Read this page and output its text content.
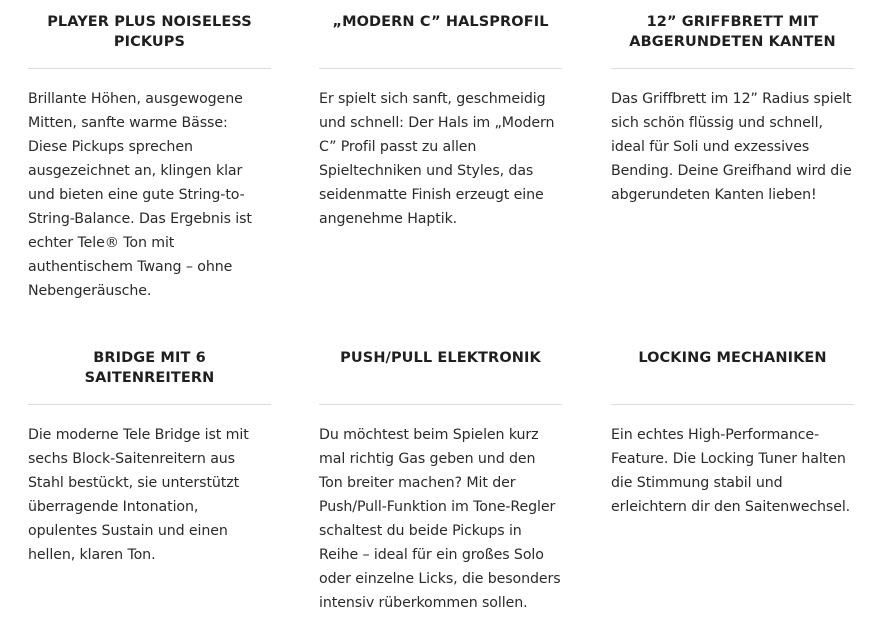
PLAYER PLUS NOISELESS PICKUPS
Brillante Höhen, ausgewogene Mitten, sanfte warme Bässe: Diese Pickups sprechen ausgezeichnet an, klingen klar und bieten eine gute String-to-String-Balance. Das Ergebnis ist echter Tele® Ton mit authentischem Twang – ohne Nebengeräusche.
„MODERN C” HALSPROFIL
Er spielt sich sanft, geschmeidig und schnell: Der Hals im „Modern C” Profil passt zu allen Spieltechniken und Styles, das seidenmatte Finish erzeugt eine angenehme Haptik.
12” GRIFFBRETT MIT ABGERUNDETEN KANTEN
Das Griffbrett im 12” Radius spielt sich schön flüssig und schnell, ideal für Soli und exzessives Bending. Deine Greifhand wird die abgerundeten Kanten lieben!
BRIDGE MIT 6 SAITENREITERN
Die moderne Tele Bridge ist mit sechs Block-Saitenreitern aus Stahl bestückt, sie unterstützt überragende Intonation, opulentes Sustain und einen hellen, klaren Ton.
PUSH/PULL ELEKTRONIK
Du möchtest beim Spielen kurz mal richtig Gas geben und den Ton breiter machen? Mit der Push/Pull-Funktion im Tone-Regler schaltest du beide Pickups in Reihe – ideal für ein großes Solo oder einzelne Licks, die besonders intensiv rüberkommen sollen.
LOCKING MECHANIKEN
Ein echtes High-Performance-Feature. Die Locking Tuner halten die Stimmung stabil und erleichtern dir den Saitenwechsel.
